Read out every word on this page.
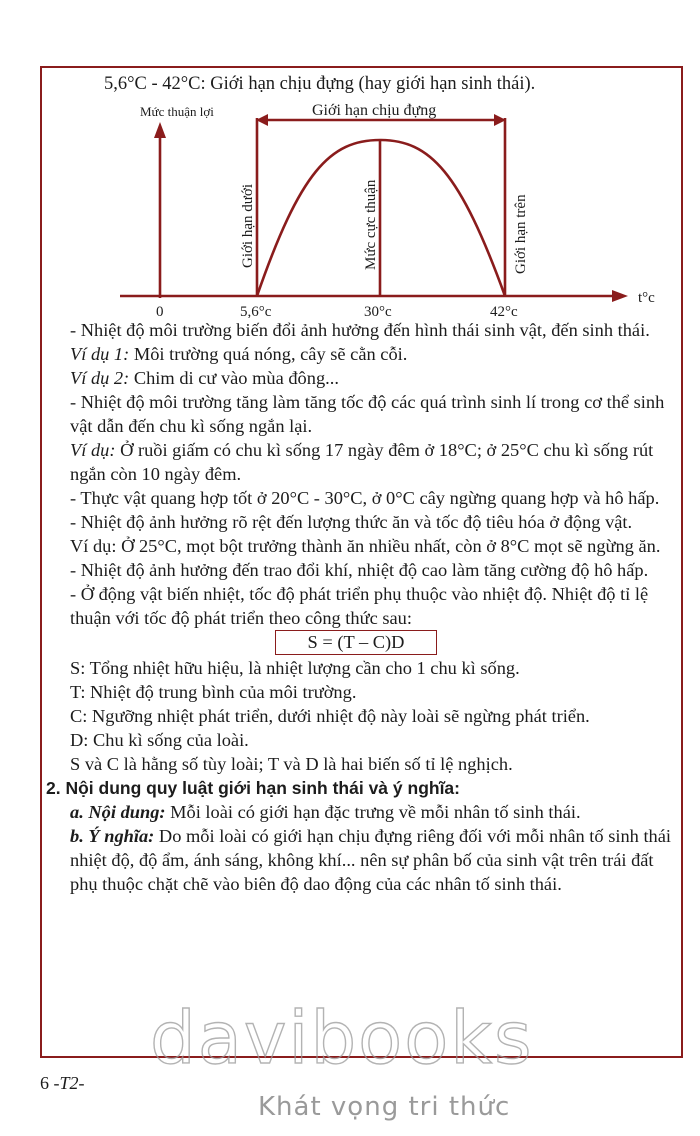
5,6°C - 42°C: Giới hạn chịu đựng (hay giới hạn sinh thái).
Mức thuận lợi	Giới hạn chịu đựng
Giới hạn dưới	Mức cực thuận	Giới hạn trên
0	5,6°c	30°c	42°c
t°c

- Nhiệt độ môi trường biến đổi ảnh hưởng đến hình thái sinh vật, đến sinh thái.

Ví dụ 1: Môi trường quá nóng, cây sẽ cằn cỗi.

Ví dụ 2: Chim di cư vào mùa đông...

- Nhiệt độ môi trường tăng làm tăng tốc độ các quá trình sinh lí trong cơ thể sinh vật dẫn đến chu kì sống ngắn lại.

Ví dụ: Ở ruồi giấm có chu kì sống 17 ngày đêm ở 18°C; ở 25°C chu kì sống rút ngắn còn 10 ngày đêm.

- Thực vật quang hợp tốt ở 20°C - 30°C, ở 0°C cây ngừng quang hợp và hô hấp.

- Nhiệt độ ảnh hưởng rõ rệt đến lượng thức ăn và tốc độ tiêu hóa ở động vật.

Ví dụ: Ở 25°C, mọt bột trưởng thành ăn nhiều nhất, còn ở 8°C mọt sẽ ngừng ăn.

- Nhiệt độ ảnh hưởng đến trao đổi khí, nhiệt độ cao làm tăng cường độ hô hấp.

- Ở động vật biến nhiệt, tốc độ phát triển phụ thuộc vào nhiệt độ. Nhiệt độ tỉ lệ thuận với tốc độ phát triển theo công thức sau:

S = (T – C)D

S: Tổng nhiệt hữu hiệu, là nhiệt lượng cần cho 1 chu kì sống.

T: Nhiệt độ trung bình của môi trường.

C: Ngưỡng nhiệt phát triển, dưới nhiệt độ này loài sẽ ngừng phát triển.

D: Chu kì sống của loài.

S và C là hằng số tùy loài; T và D là hai biến số tỉ lệ nghịch.

2. Nội dung quy luật giới hạn sinh thái và ý nghĩa:

a. Nội dung: Mỗi loài có giới hạn đặc trưng về mỗi nhân tố sinh thái.

b. Ý nghĩa: Do mỗi loài có giới hạn chịu đựng riêng đối với mỗi nhân tố sinh thái nhiệt độ, độ ẩm, ánh sáng, không khí... nên sự phân bố của sinh vật trên trái đất phụ thuộc chặt chẽ vào biên độ dao động của các nhân tố sinh thái.

6 -T2-
davibooks
Khát vọng tri thức
